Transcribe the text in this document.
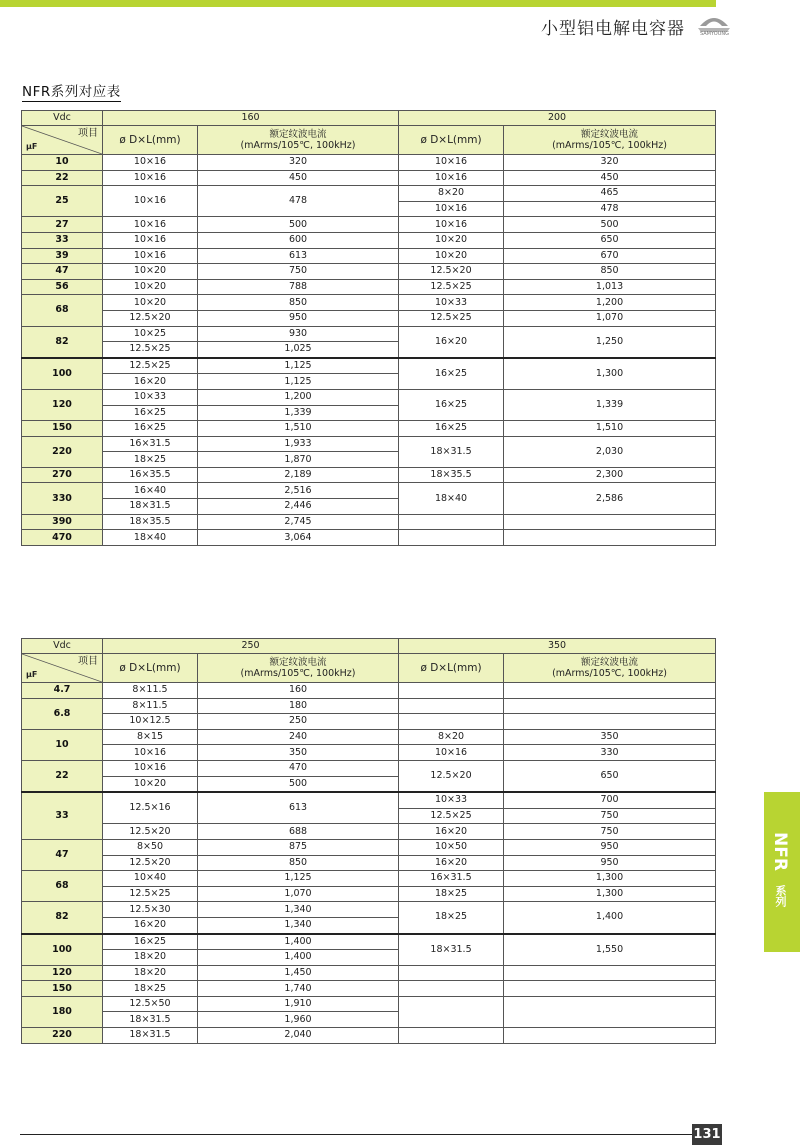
小型铝电解电容器	SAMYOUNG
NFR系列对应表
Vdc	160		200	

项目
μF	ø D×L(mm)	额定纹波电流
(mArms/105℃, 100kHz)	ø D×L(mm)	额定纹波电流
(mArms/105℃, 100kHz)
10	10×16	320	10×16	320
22	10×16	450	10×16	450
25	10×16	478	8×20	465
			10×16	478
27	10×16	500	10×16	500
33	10×16	600	10×20	650
39	10×16	613	10×20	670
47	10×20	750	12.5×20	850
56	10×20	788	12.5×25	1,013
68	10×20	850	10×33	1,200
	12.5×20	950	12.5×25	1,070
82	10×25	930	16×20	1,250
	12.5×25	1,025		
100	12.5×25	1,125	16×25	1,300
	16×20	1,125		
120	10×33	1,200	16×25	1,339
	16×25	1,339		
150	16×25	1,510	16×25	1,510
220	16×31.5	1,933	18×31.5	2,030
	18×25	1,870		
270	16×35.5	2,189	18×35.5	2,300
330	16×40	2,516	18×40	2,586
	18×31.5	2,446		
390	18×35.5	2,745		
470	18×40	3,064		
Vdc	250		350	

项目
μF	ø D×L(mm)	额定纹波电流
(mArms/105℃, 100kHz)	ø D×L(mm)	额定纹波电流
(mArms/105℃, 100kHz)
4.7	8×11.5	160		
6.8	8×11.5	180		
	10×12.5	250		
10	8×15	240	8×20	350
	10×16	350	10×16	330
22	10×16	470	12.5×20	650
	10×20	500		
33	12.5×16	613	10×33	700
			12.5×25	750
	12.5×20	688	16×20	750
47	8×50	875	10×50	950
	12.5×20	850	16×20	950
68	10×40	1,125	16×31.5	1,300
	12.5×25	1,070	18×25	1,300
82	12.5×30	1,340	18×25	1,400
	16×20	1,340		
100	16×25	1,400	18×31.5	1,550
	18×20	1,400		
120	18×20	1,450		
150	18×25	1,740		
180	12.5×50	1,910		
	18×31.5	1,960		
220	18×31.5	2,040		
NFR
系列
131
